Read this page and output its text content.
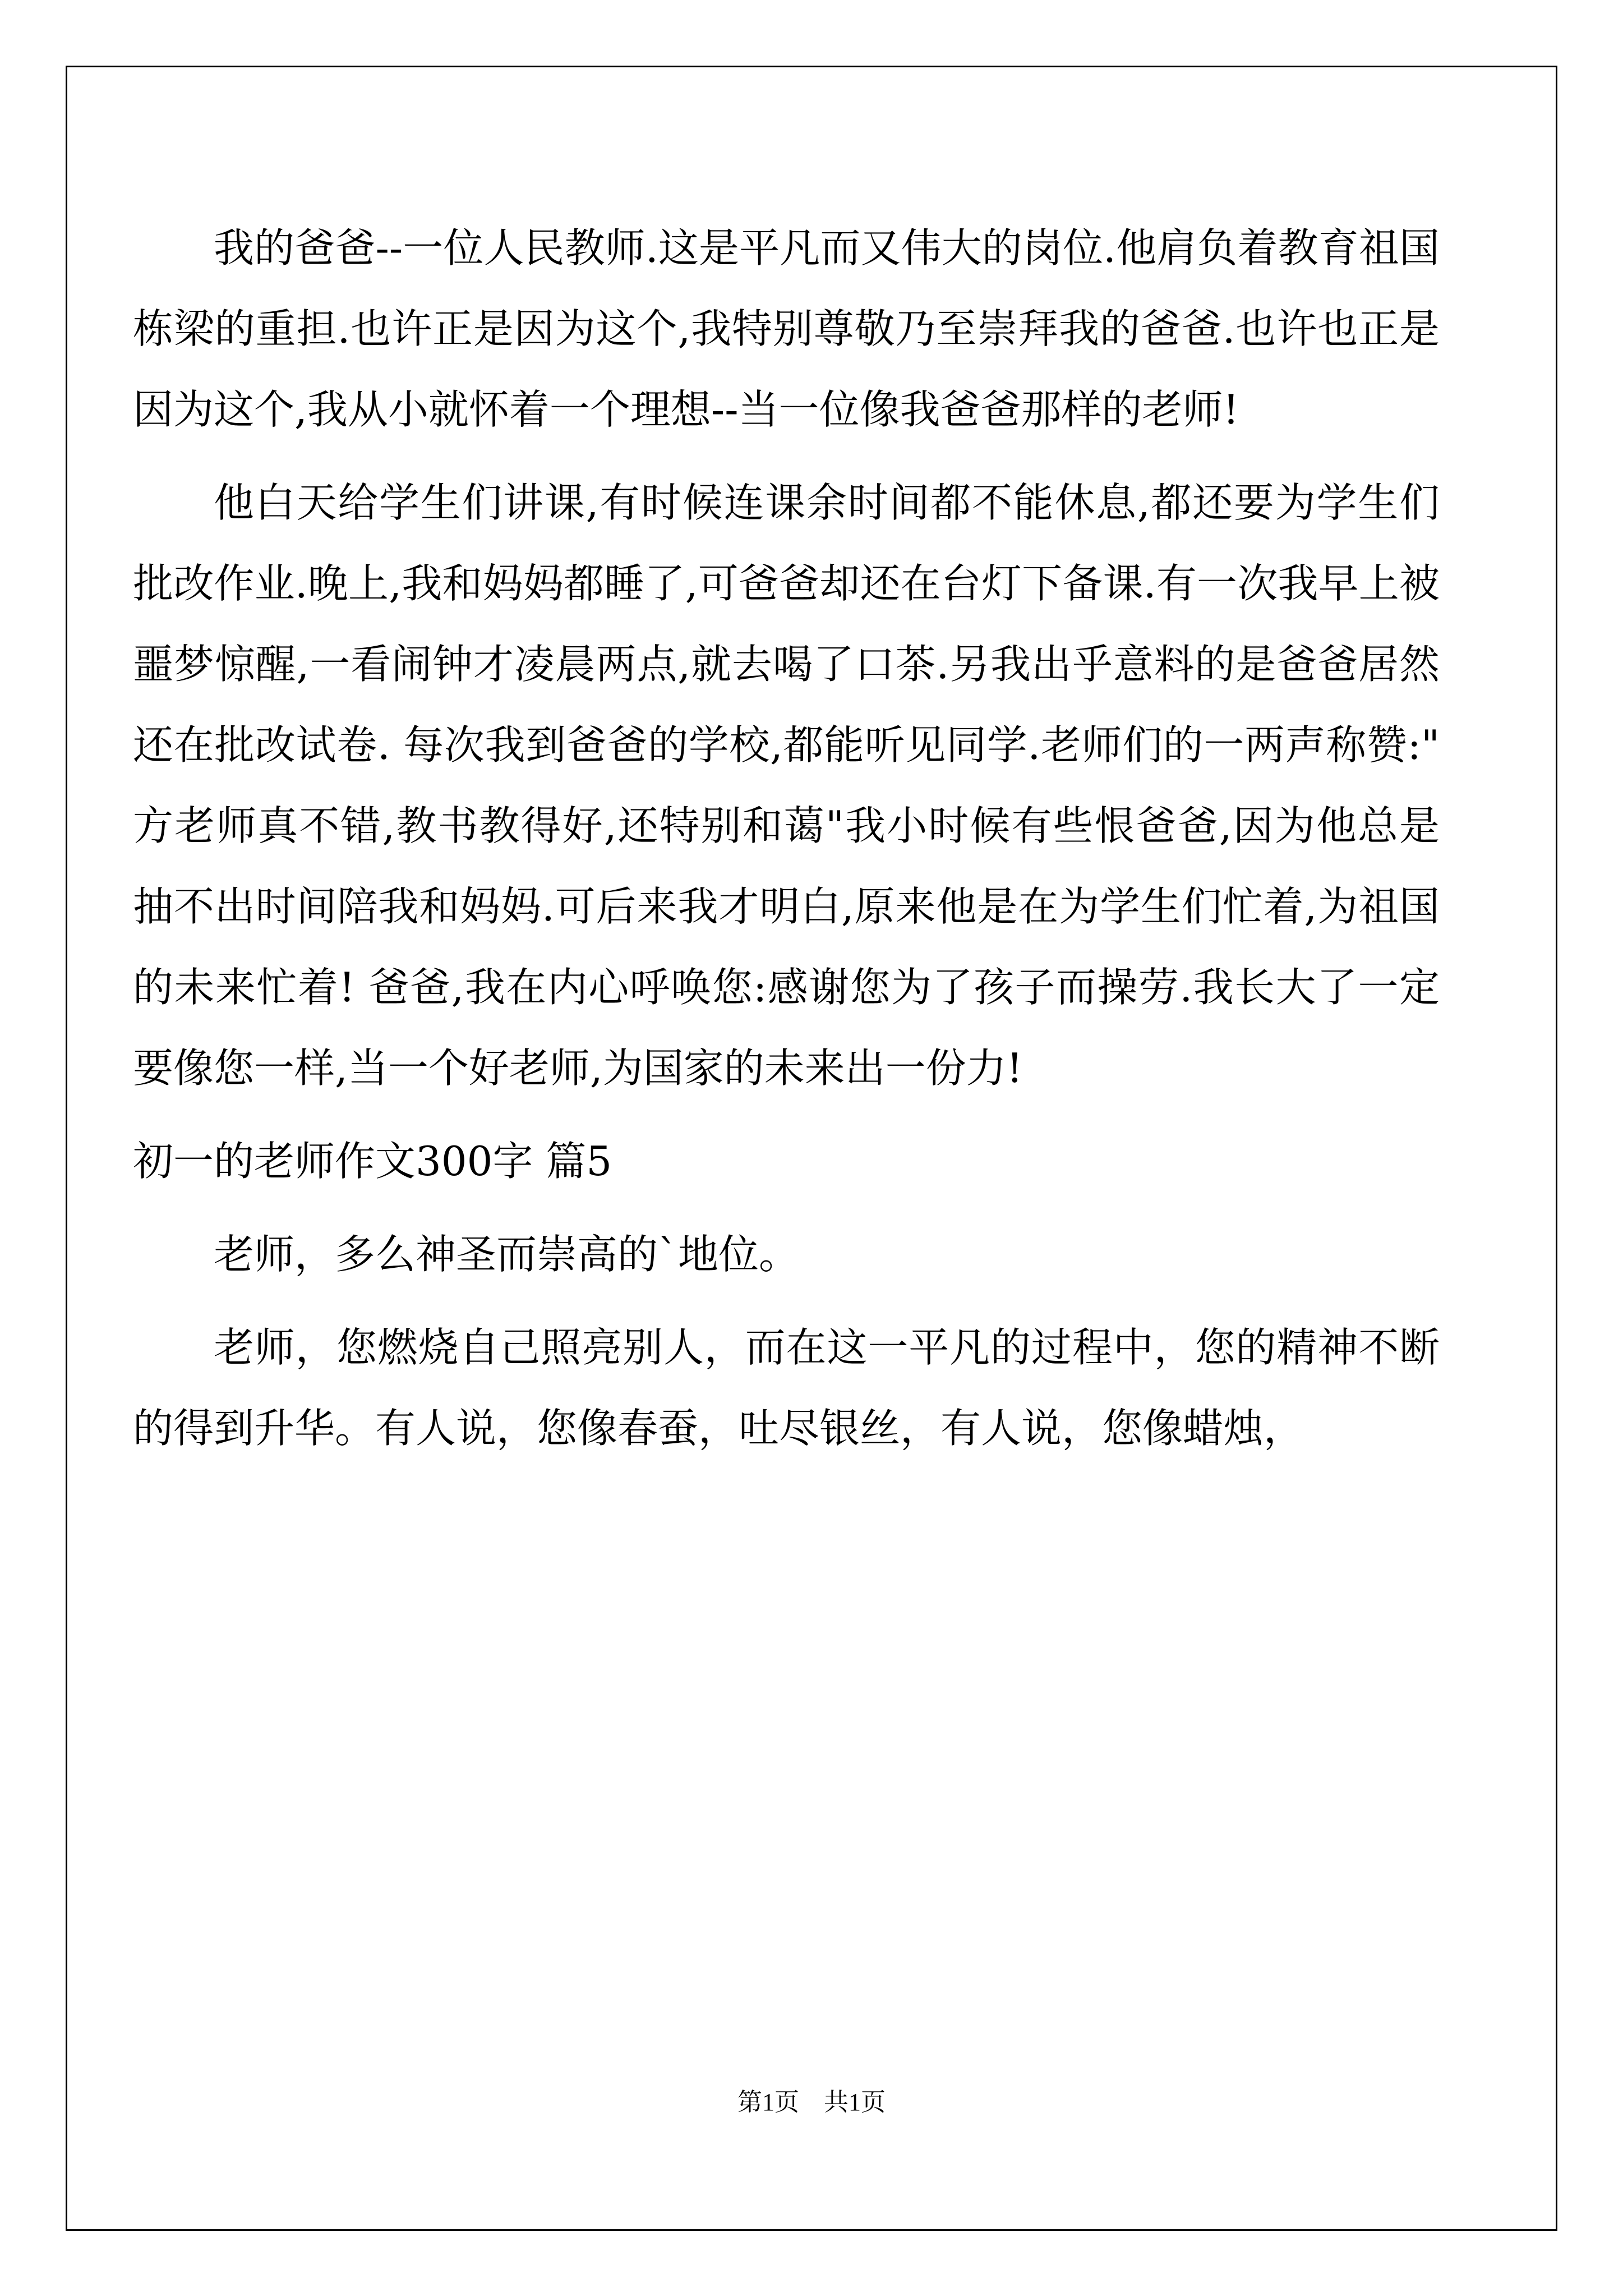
我的爸爸--一位人民教师.这是平凡而又伟大的岗位.他肩负着教育祖国栋梁的重担.也许正是因为这个,我特别尊敬乃至崇拜我的爸爸.也许也正是因为这个,我从小就怀着一个理想--当一位像我爸爸那样的老师!

他白天给学生们讲课,有时候连课余时间都不能休息,都还要为学生们批改作业.晚上,我和妈妈都睡了,可爸爸却还在台灯下备课.有一次我早上被噩梦惊醒,一看闹钟才凌晨两点,就去喝了口茶.另我出乎意料的是爸爸居然还在批改试卷. 每次我到爸爸的学校,都能听见同学.老师们的一两声称赞:"方老师真不错,教书教得好,还特别和蔼"我小时候有些恨爸爸,因为他总是抽不出时间陪我和妈妈.可后来我才明白,原来他是在为学生们忙着,为祖国的未来忙着! 爸爸,我在内心呼唤您:感谢您为了孩子而操劳.我长大了一定要像您一样,当一个好老师,为国家的未来出一份力!

初一的老师作文300字 篇5

老师，多么神圣而崇高的`地位。

老师，您燃烧自己照亮别人，而在这一平凡的过程中，您的精神不断的得到升华。有人说，您像春蚕，吐尽银丝，有人说，您像蜡烛，

第1页　共1页
